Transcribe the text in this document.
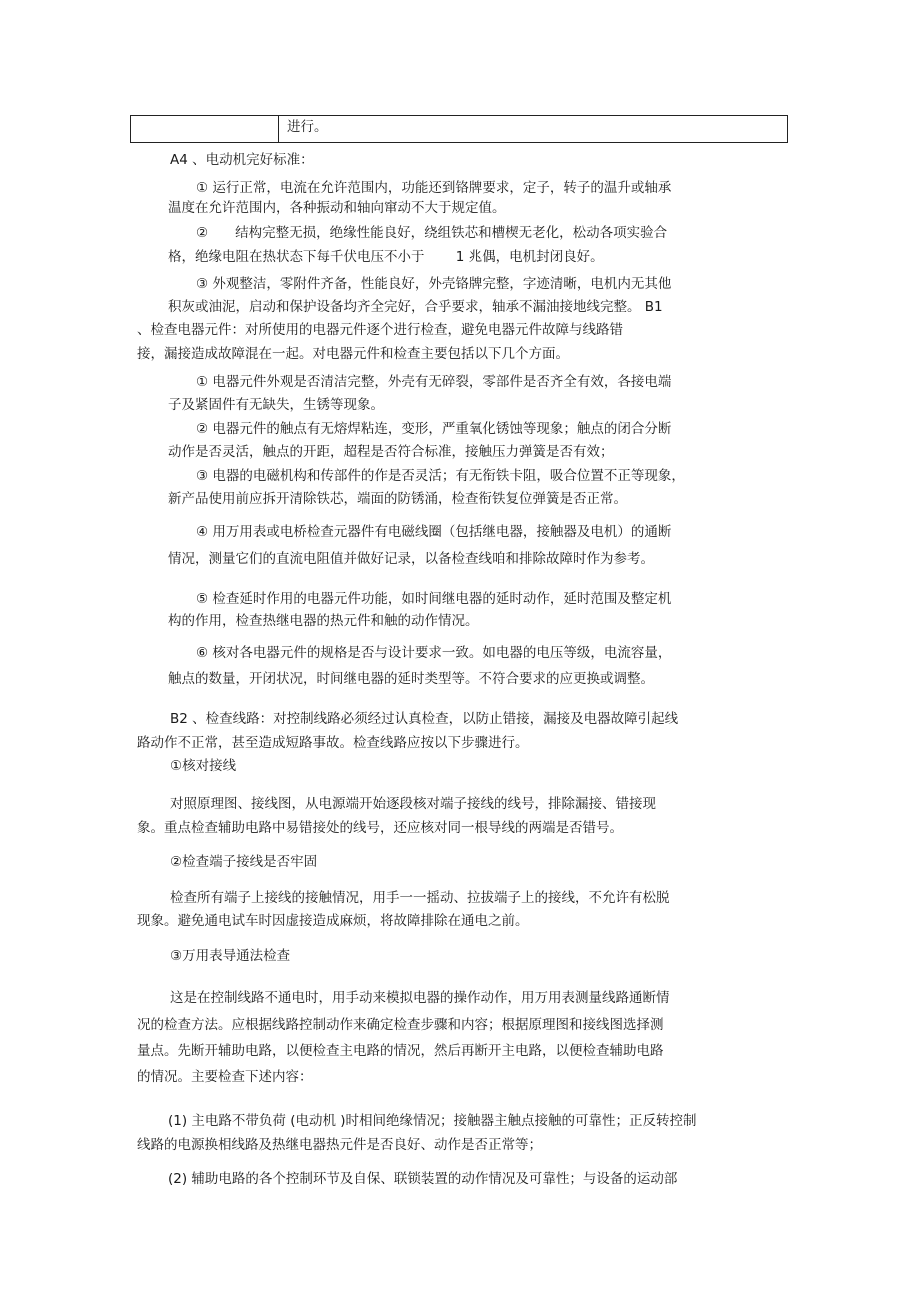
进行。
A4 、电动机完好标准：
① 运行正常，电流在允许范围内，功能还到铬牌要求，定子，转子的温升或轴承
温度在允许范围内，各种振动和轴向窜动不大于规定值。
②　　结构完整无损，绝缘性能良好，绕组铁芯和槽楔无老化，松动各项实验合
格，绝缘电阻在热状态下每千伏电压不小于　　 1 兆偶，电机封闭良好。
③ 外观整洁，零附件齐备，性能良好，外壳铬牌完整，字迹清晰，电机内无其他
积灰或油泥，启动和保护设备均齐全完好，合乎要求，轴承不漏油接地线完整。 B1
、检查电器元件：对所使用的电器元件逐个进行检查，避免电器元件故障与线路错
接，漏接造成故障混在一起。对电器元件和检查主要包括以下几个方面。
① 电器元件外观是否清洁完整，外壳有无碎裂，零部件是否齐全有效，各接电端
子及紧固件有无缺失，生锈等现象。
② 电器元件的触点有无熔焊粘连，变形，严重氧化锈蚀等现象；触点的闭合分断
动作是否灵活，触点的开距，超程是否符合标准，接触压力弹簧是否有效；
③ 电器的电磁机构和传部件的作是否灵活；有无衔铁卡阻，吸合位置不正等现象，
新产品使用前应拆开清除铁芯，端面的防锈涌，检查衔铁复位弹簧是否正常。
④ 用万用表或电桥检查元器件有电磁线圈（包括继电器，接触器及电机）的通断
情况，测量它们的直流电阻值并做好记录，以备检查线咱和排除故障时作为参考。
⑤ 检查延时作用的电器元件功能，如时间继电器的延时动作，延时范围及整定机
构的作用，检查热继电器的热元件和触的动作情况。
⑥ 核对各电器元件的规格是否与设计要求一致。如电器的电压等级，电流容量，
触点的数量，开闭状况，时间继电器的延时类型等。不符合要求的应更换或调整。
B2 、检查线路：对控制线路必须经过认真检查，以防止错接，漏接及电器故障引起线
路动作不正常，甚至造成短路事故。检查线路应按以下步骤进行。
①核对接线
对照原理图、接线图，从电源端开始逐段核对端子接线的线号，排除漏接、错接现
象。重点检查辅助电路中易错接处的线号，还应核对同一根导线的两端是否错号。
②检查端子接线是否牢固
检查所有端子上接线的接触情况，用手一一摇动、拉拔端子上的接线，不允许有松脱
现象。避免通电试车时因虚接造成麻烦，将故障排除在通电之前。
③万用表导通法检查
这是在控制线路不通电时，用手动来模拟电器的操作动作，用万用表测量线路通断情
况的检查方法。应根据线路控制动作来确定检查步骤和内容；根据原理图和接线图选择测
量点。先断开辅助电路，以便检查主电路的情况，然后再断开主电路，以便检查辅助电路
的情况。主要检查下述内容：
(1) 主电路不带负荷 (电动机 )时相间绝缘情况；接触器主触点接触的可靠性；正反转控制
线路的电源换相线路及热继电器热元件是否良好、动作是否正常等；
(2) 辅助电路的各个控制环节及自保、联锁装置的动作情况及可靠性；与设备的运动部
